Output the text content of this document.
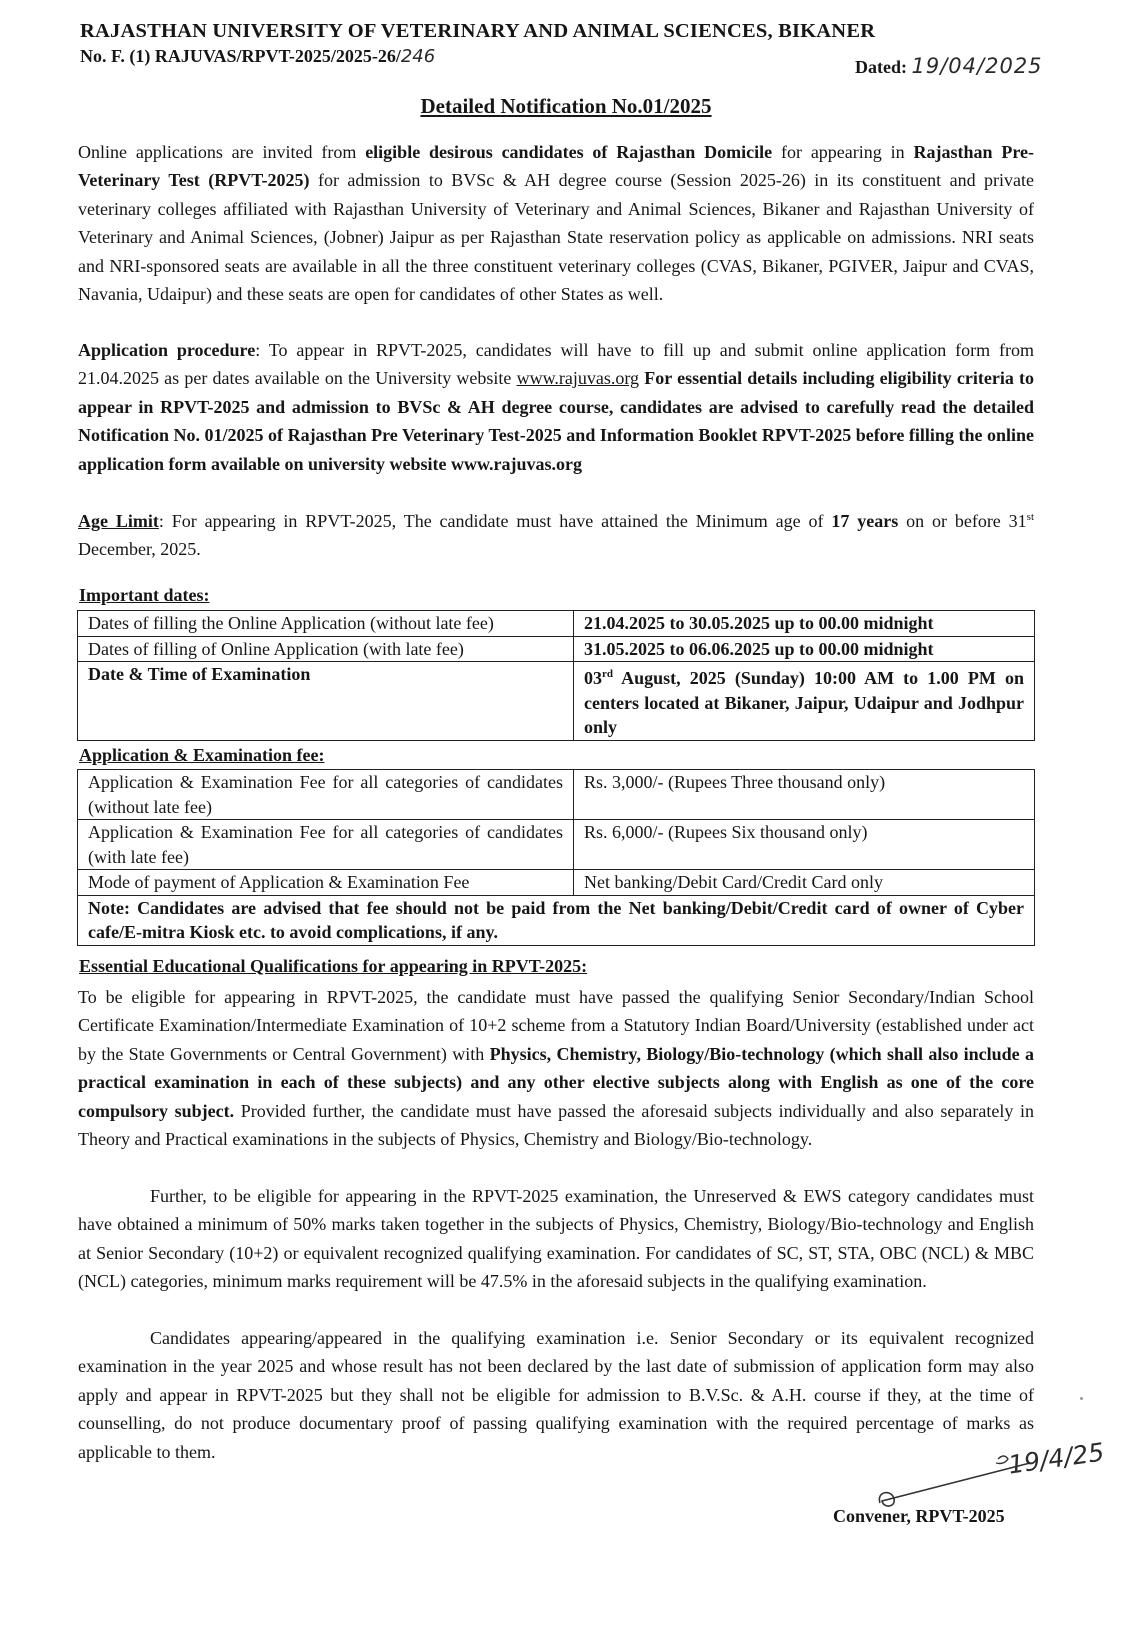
RAJASTHAN UNIVERSITY OF VETERINARY AND ANIMAL SCIENCES, BIKANER
No. F. (1) RAJUVAS/RPVT-2025/2025-26/246	Dated: 19/04/2025
Detailed Notification No.01/2025

Online applications are invited from eligible desirous candidates of Rajasthan Domicile for appearing in Rajasthan Pre-Veterinary Test (RPVT-2025) for admission to BVSc & AH degree course (Session 2025-26) in its constituent and private veterinary colleges affiliated with Rajasthan University of Veterinary and Animal Sciences, Bikaner and Rajasthan University of Veterinary and Animal Sciences, (Jobner) Jaipur as per Rajasthan State reservation policy as applicable on admissions. NRI seats and NRI-sponsored seats are available in all the three constituent veterinary colleges (CVAS, Bikaner, PGIVER, Jaipur and CVAS, Navania, Udaipur) and these seats are open for candidates of other States as well.

Application procedure: To appear in RPVT-2025, candidates will have to fill up and submit online application form from 21.04.2025 as per dates available on the University website www.rajuvas.org For essential details including eligibility criteria to appear in RPVT-2025 and admission to BVSc & AH degree course, candidates are advised to carefully read the detailed Notification No. 01/2025 of Rajasthan Pre Veterinary Test-2025 and Information Booklet RPVT-2025 before filling the online application form available on university website www.rajuvas.org

Age Limit: For appearing in RPVT-2025, The candidate must have attained the Minimum age of 17 years on or before 31st December, 2025.

Important dates:
Dates of filling the Online Application (without late fee)	21.04.2025 to 30.05.2025 up to 00.00 midnight
Dates of filling of Online Application (with late fee)	31.05.2025 to 06.06.2025 up to 00.00 midnight
Date & Time of Examination	03rd August, 2025 (Sunday) 10:00 AM to 1.00 PM on centers located at Bikaner, Jaipur, Udaipur and Jodhpur only
Application & Examination fee:
Application & Examination Fee for all categories of candidates (without late fee)	Rs. 3,000/- (Rupees Three thousand only)
Application & Examination Fee for all categories of candidates (with late fee)	Rs. 6,000/- (Rupees Six thousand only)
Mode of payment of Application & Examination Fee	Net banking/Debit Card/Credit Card only
Note: Candidates are advised that fee should not be paid from the Net banking/Debit/Credit card of owner of Cyber cafe/E-mitra Kiosk etc. to avoid complications, if any.	
Essential Educational Qualifications for appearing in RPVT-2025:

To be eligible for appearing in RPVT-2025, the candidate must have passed the qualifying Senior Secondary/Indian School Certificate Examination/Intermediate Examination of 10+2 scheme from a Statutory Indian Board/University (established under act by the State Governments or Central Government) with Physics, Chemistry, Biology/Bio-technology (which shall also include a practical examination in each of these subjects) and any other elective subjects along with English as one of the core compulsory subject. Provided further, the candidate must have passed the aforesaid subjects individually and also separately in Theory and Practical examinations in the subjects of Physics, Chemistry and Biology/Bio-technology.

Further, to be eligible for appearing in the RPVT-2025 examination, the Unreserved & EWS category candidates must have obtained a minimum of 50% marks taken together in the subjects of Physics, Chemistry, Biology/Bio-technology and English at Senior Secondary (10+2) or equivalent recognized qualifying examination. For candidates of SC, ST, STA, OBC (NCL) & MBC (NCL) categories, minimum marks requirement will be 47.5% in the aforesaid subjects in the qualifying examination.

Candidates appearing/appeared in the qualifying examination i.e. Senior Secondary or its equivalent recognized examination in the year 2025 and whose result has not been declared by the last date of submission of application form may also apply and appear in RPVT-2025 but they shall not be eligible for admission to B.V.Sc. & A.H. course if they, at the time of counselling, do not produce documentary proof of passing qualifying examination with the required percentage of marks as applicable to them.	19/4/25
Convener, RPVT-2025
